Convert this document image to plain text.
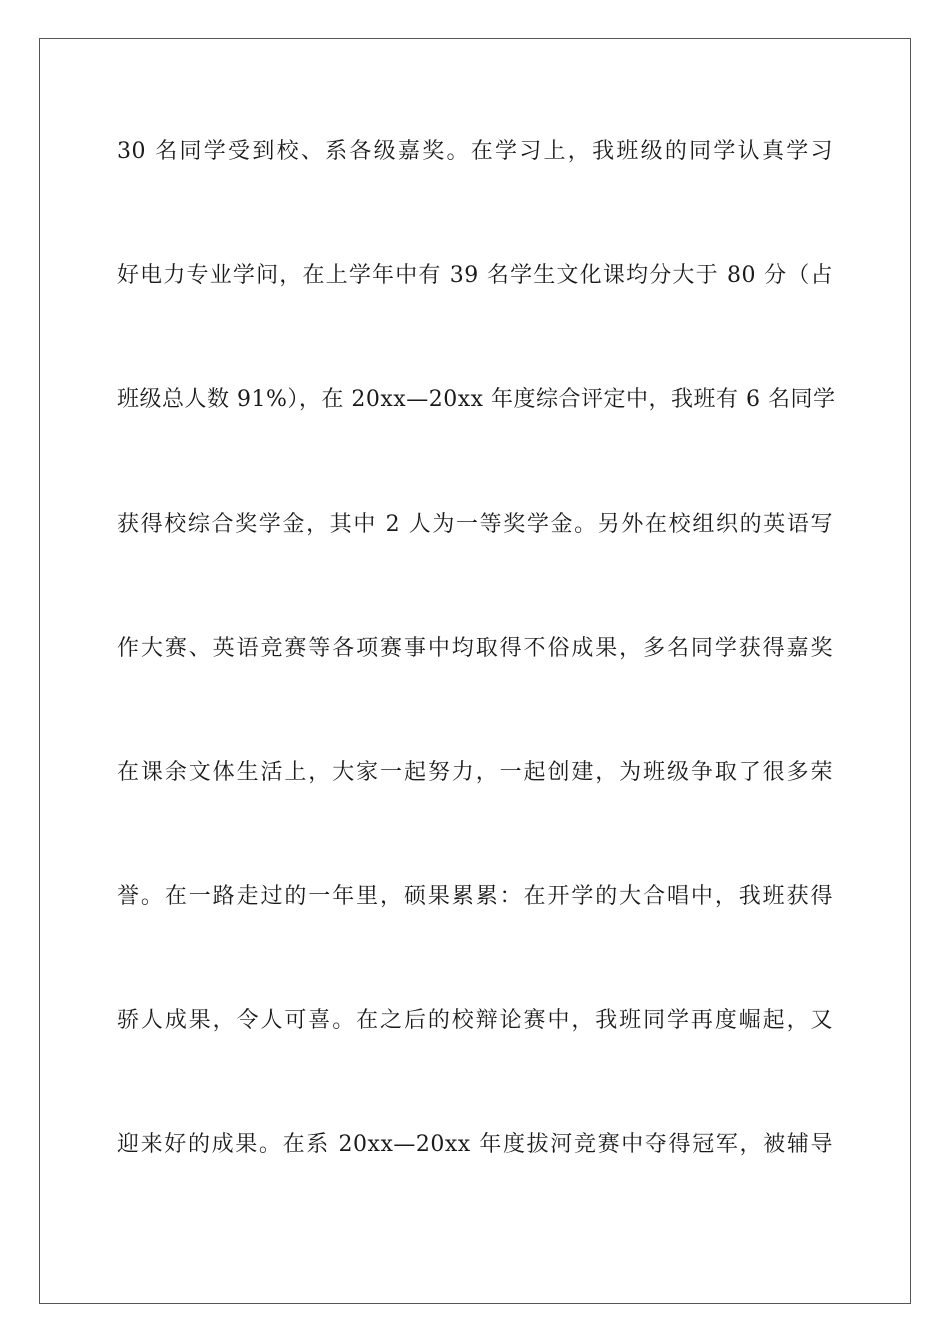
30 名同学受到校、系各级嘉奖。在学习上，我班级的同学认真学习
好电力专业学问，在上学年中有 39 名学生文化课均分大于 80 分（占
班级总人数 91%），在 20xx—20xx 年度综合评定中，我班有 6 名同学
获得校综合奖学金，其中 2 人为一等奖学金。另外在校组织的英语写
作大赛、英语竞赛等各项赛事中均取得不俗成果，多名同学获得嘉奖
在课余文体生活上，大家一起努力，一起创建，为班级争取了很多荣
誉。在一路走过的一年里，硕果累累：在开学的大合唱中，我班获得
骄人成果，令人可喜。在之后的校辩论赛中，我班同学再度崛起，又
迎来好的成果。在系 20xx—20xx 年度拔河竞赛中夺得冠军，被辅导
